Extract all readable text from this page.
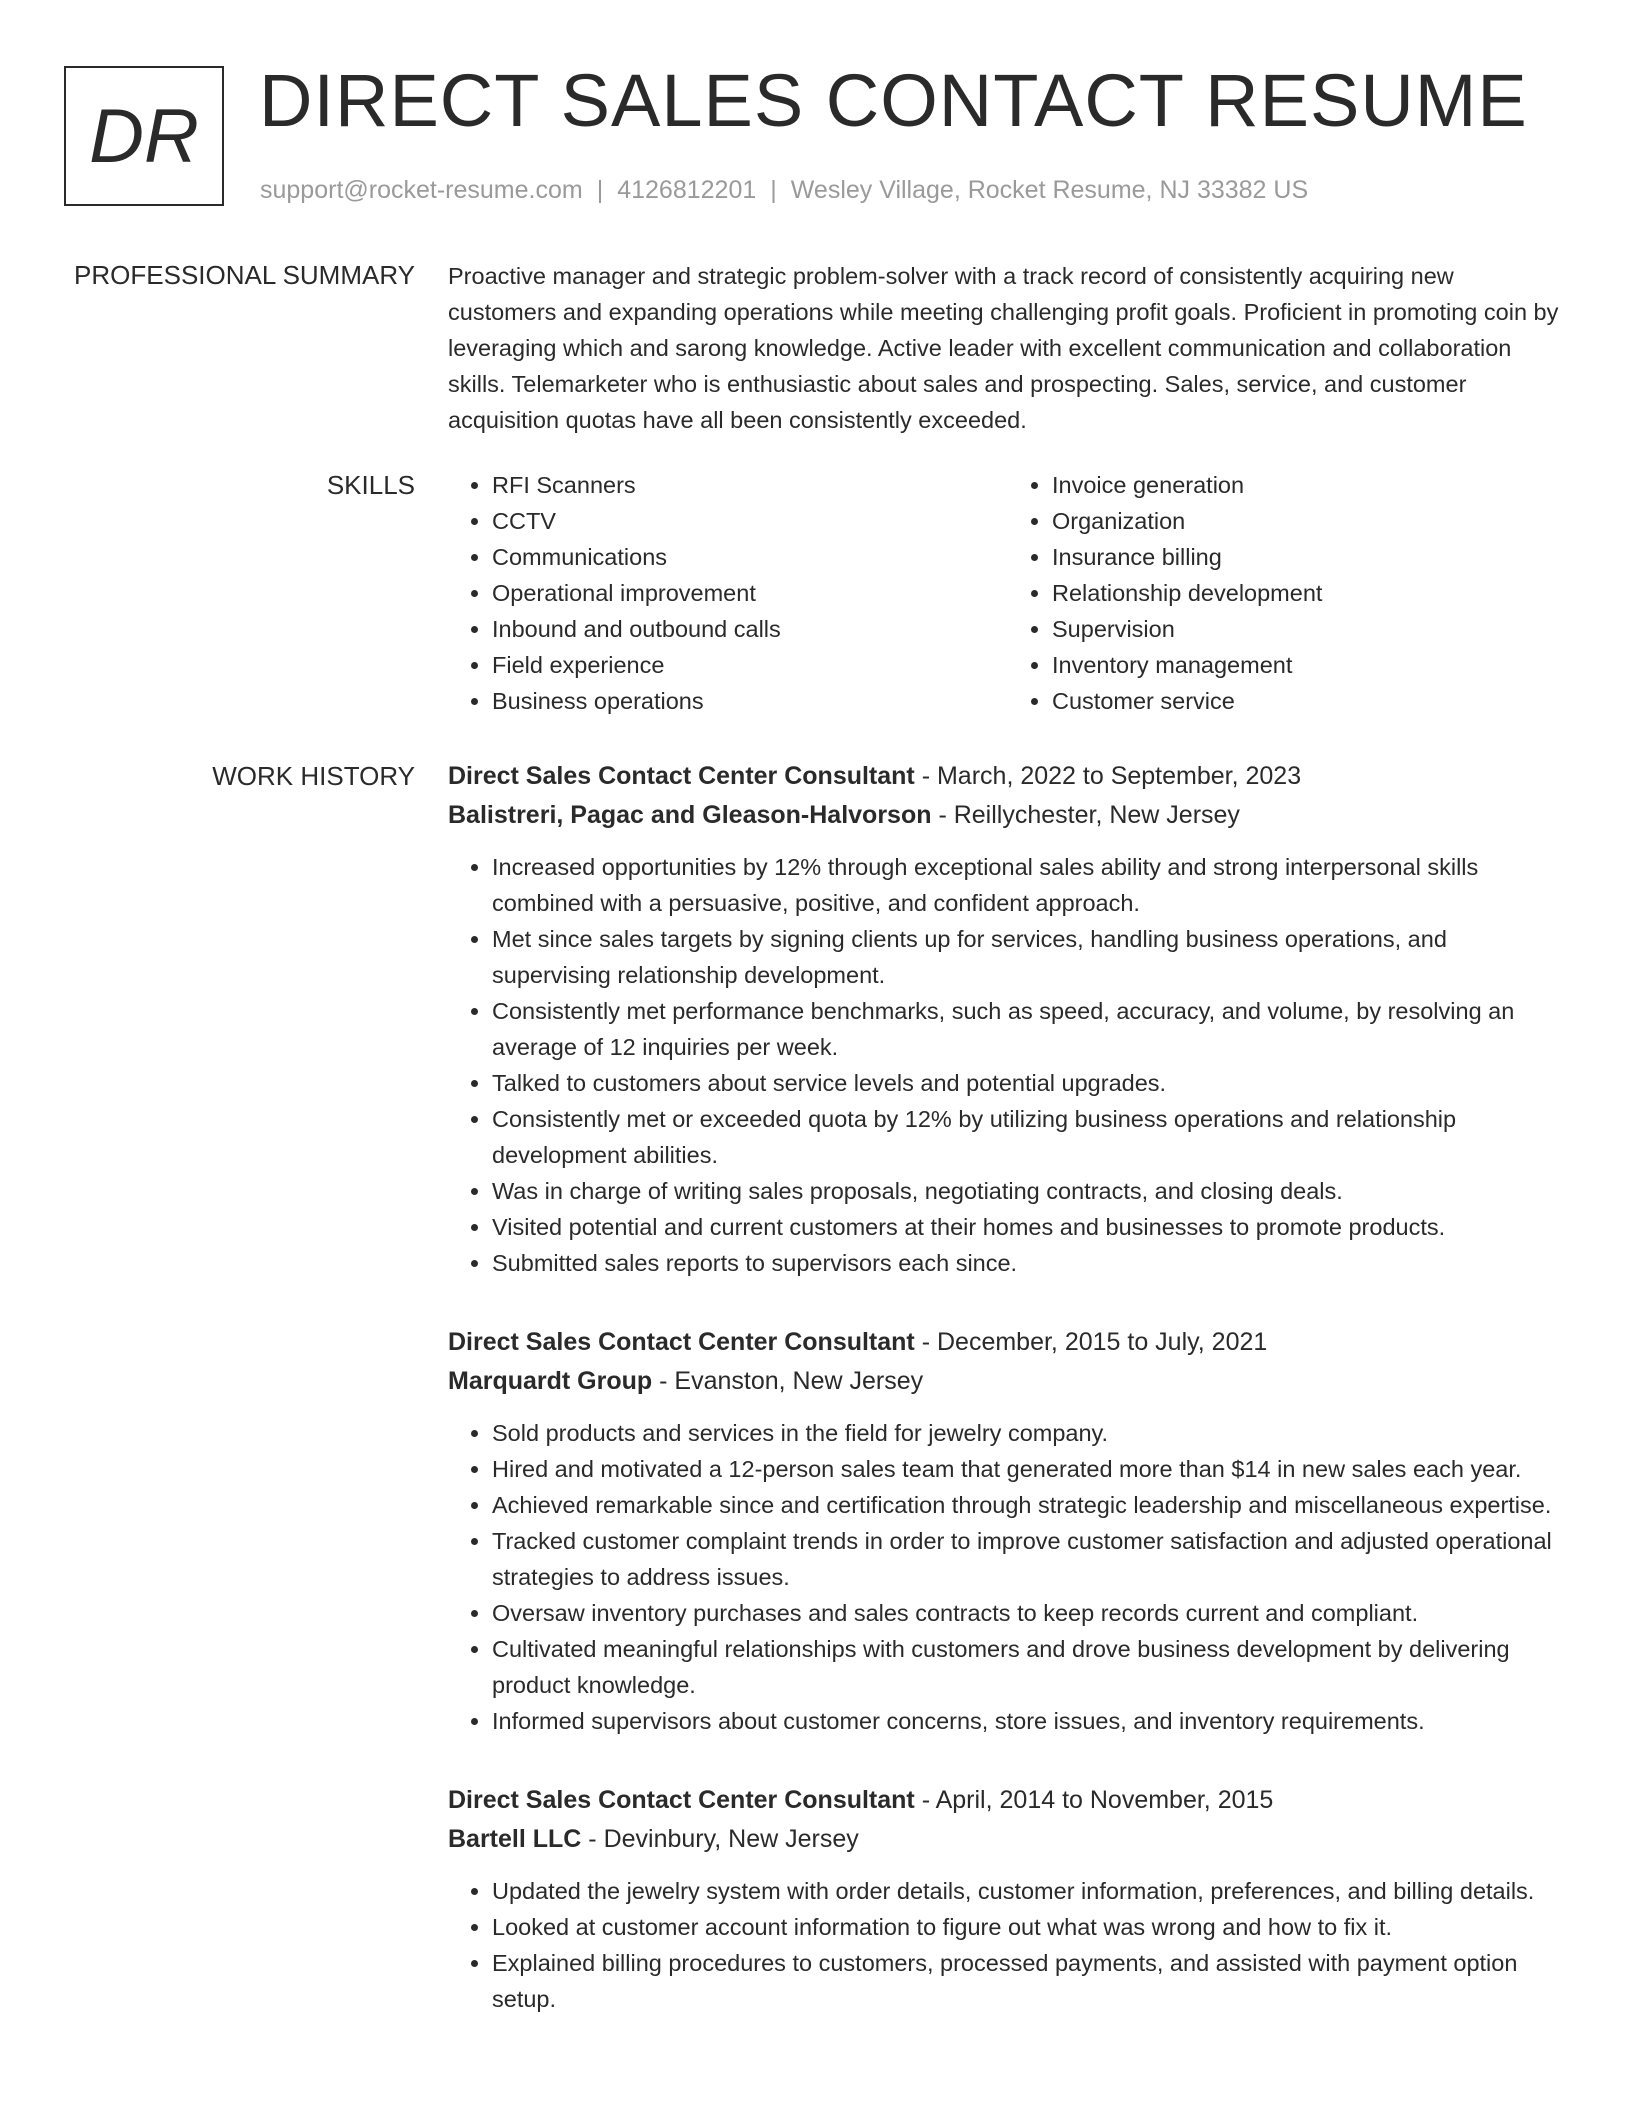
DR DIRECT SALES CONTACT RESUME
support@rocket-resume.com | 4126812201 | Wesley Village, Rocket Resume, NJ 33382 US
PROFESSIONAL SUMMARY Proactive manager and strategic problem-solver with a track record of consistently acquiring new customers and expanding operations while meeting challenging profit goals. Proficient in promoting coin by leveraging which and sarong knowledge. Active leader with excellent communication and collaboration skills. Telemarketer who is enthusiastic about sales and prospecting. Sales, service, and customer acquisition quotas have all been consistently exceeded.

SKILLS
•	RFI Scanners
• CCTV
• Communications
• Operational improvement
• Inbound and outbound calls
• Field experience
• Business operations
• Invoice generation
• Organization
• Insurance billing
• Relationship development
• Supervision
• Inventory management
• Customer service
WORK HISTORY Direct Sales Contact Center Consultant - March, 2022 to September, 2023
Balistreri, Pagac and Gleason-Halvorson - Reillychester, New Jersey
• Increased opportunities by 12% through exceptional sales ability and strong interpersonal skills combined with a persuasive, positive, and confident approach.
• Met since sales targets by signing clients up for services, handling business operations, and supervising relationship development.
• Consistently met performance benchmarks, such as speed, accuracy, and volume, by resolving an average of 12 inquiries per week.
• Talked to customers about service levels and potential upgrades.
• Consistently met or exceeded quota by 12% by utilizing business operations and relationship development abilities.
• Was in charge of writing sales proposals, negotiating contracts, and closing deals.
• Visited potential and current customers at their homes and businesses to promote products.
• Submitted sales reports to supervisors each since.
Direct Sales Contact Center Consultant - December, 2015 to July, 2021
Marquardt Group - Evanston, New Jersey
• Sold products and services in the field for jewelry company.
• Hired and motivated a 12-person sales team that generated more than $14 in new sales each year.
• Achieved remarkable since and certification through strategic leadership and miscellaneous expertise.
• Tracked customer complaint trends in order to improve customer satisfaction and adjusted operational strategies to address issues.
• Oversaw inventory purchases and sales contracts to keep records current and compliant.
• Cultivated meaningful relationships with customers and drove business development by delivering product knowledge.
• Informed supervisors about customer concerns, store issues, and inventory requirements.
Direct Sales Contact Center Consultant - April, 2014 to November, 2015
Bartell LLC - Devinbury, New Jersey
• Updated the jewelry system with order details, customer information, preferences, and billing details.
• Looked at customer account information to figure out what was wrong and how to fix it.
• Explained billing procedures to customers, processed payments, and assisted with payment option setup.
